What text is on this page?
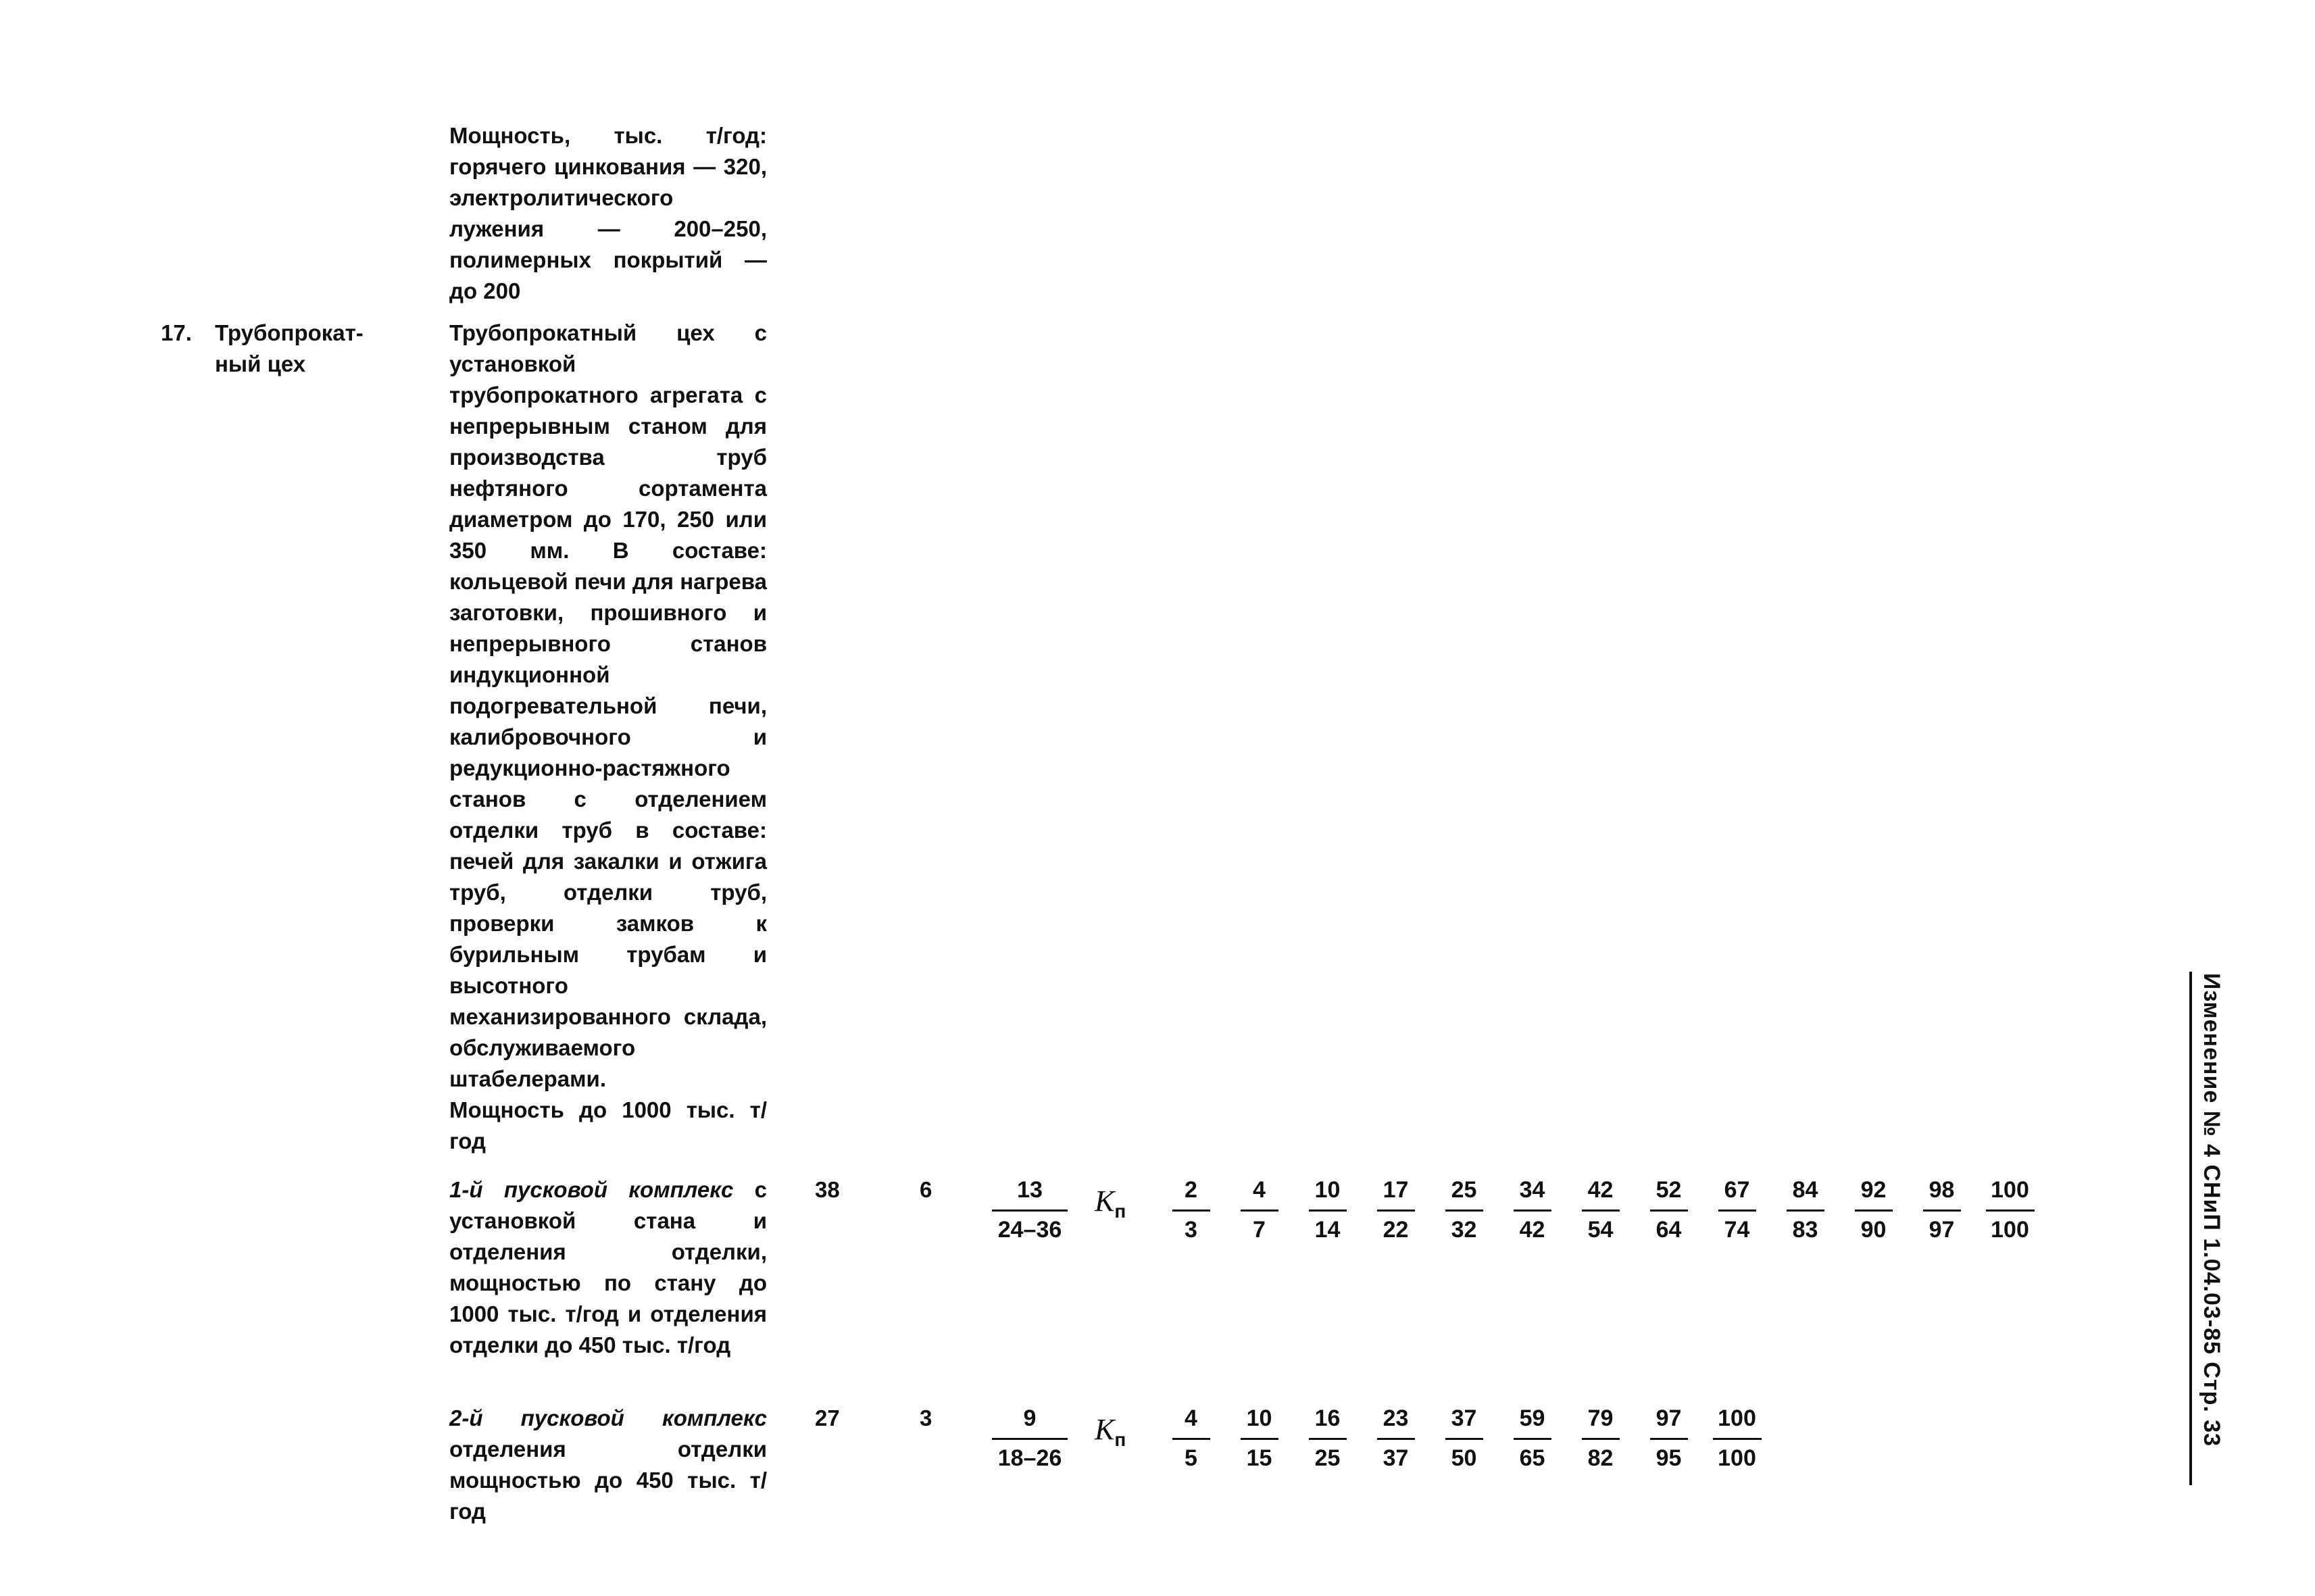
Мощность, тыс. т/год: горячего цинкования — 320, электролитического лужения — 200–250, полимерных покрытий — до 200

17. Трубопрокат-
ный цех

Трубопрокатный цех с установкой трубопрокатного агрегата с непрерывным станом для производства труб нефтяного сортамента диаметром до 170, 250 или 350 мм. В составе: кольцевой печи для нагрева заготовки, прошивного и непрерывного станов индукционной подогревательной печи, калибровочного и редукционно-растяжного станов с отделением отделки труб в составе: печей для закалки и отжига труб, отделки труб, проверки замков к бурильным трубам и высотного механизированного склада, обслуживаемого штабелерами.
Мощность до 1000 тыс. т/год

1-й пусковой комплекс с установкой стана и отделения отделки, мощностью по стану до 1000 тыс. т/год и отделения отделки до 450 тыс. т/год

38	$6 \frac{13}{24-36} K_п$
2
3
4
7
10
14
17
22
25
32
34
42
42
54
52
64
67
74
84
83
92
90
98
97
100
100

2-й пусковой комплекс отделения отделки мощностью до 450 тыс. т/год

27	$3 \frac{9}{18-26} K_п$
4
5
10
15
16
25
23
37
37
50
59
65
79
82
97
95
100
100
Изменение № 4 СНиП 1.04.03-85 Стр. 33
